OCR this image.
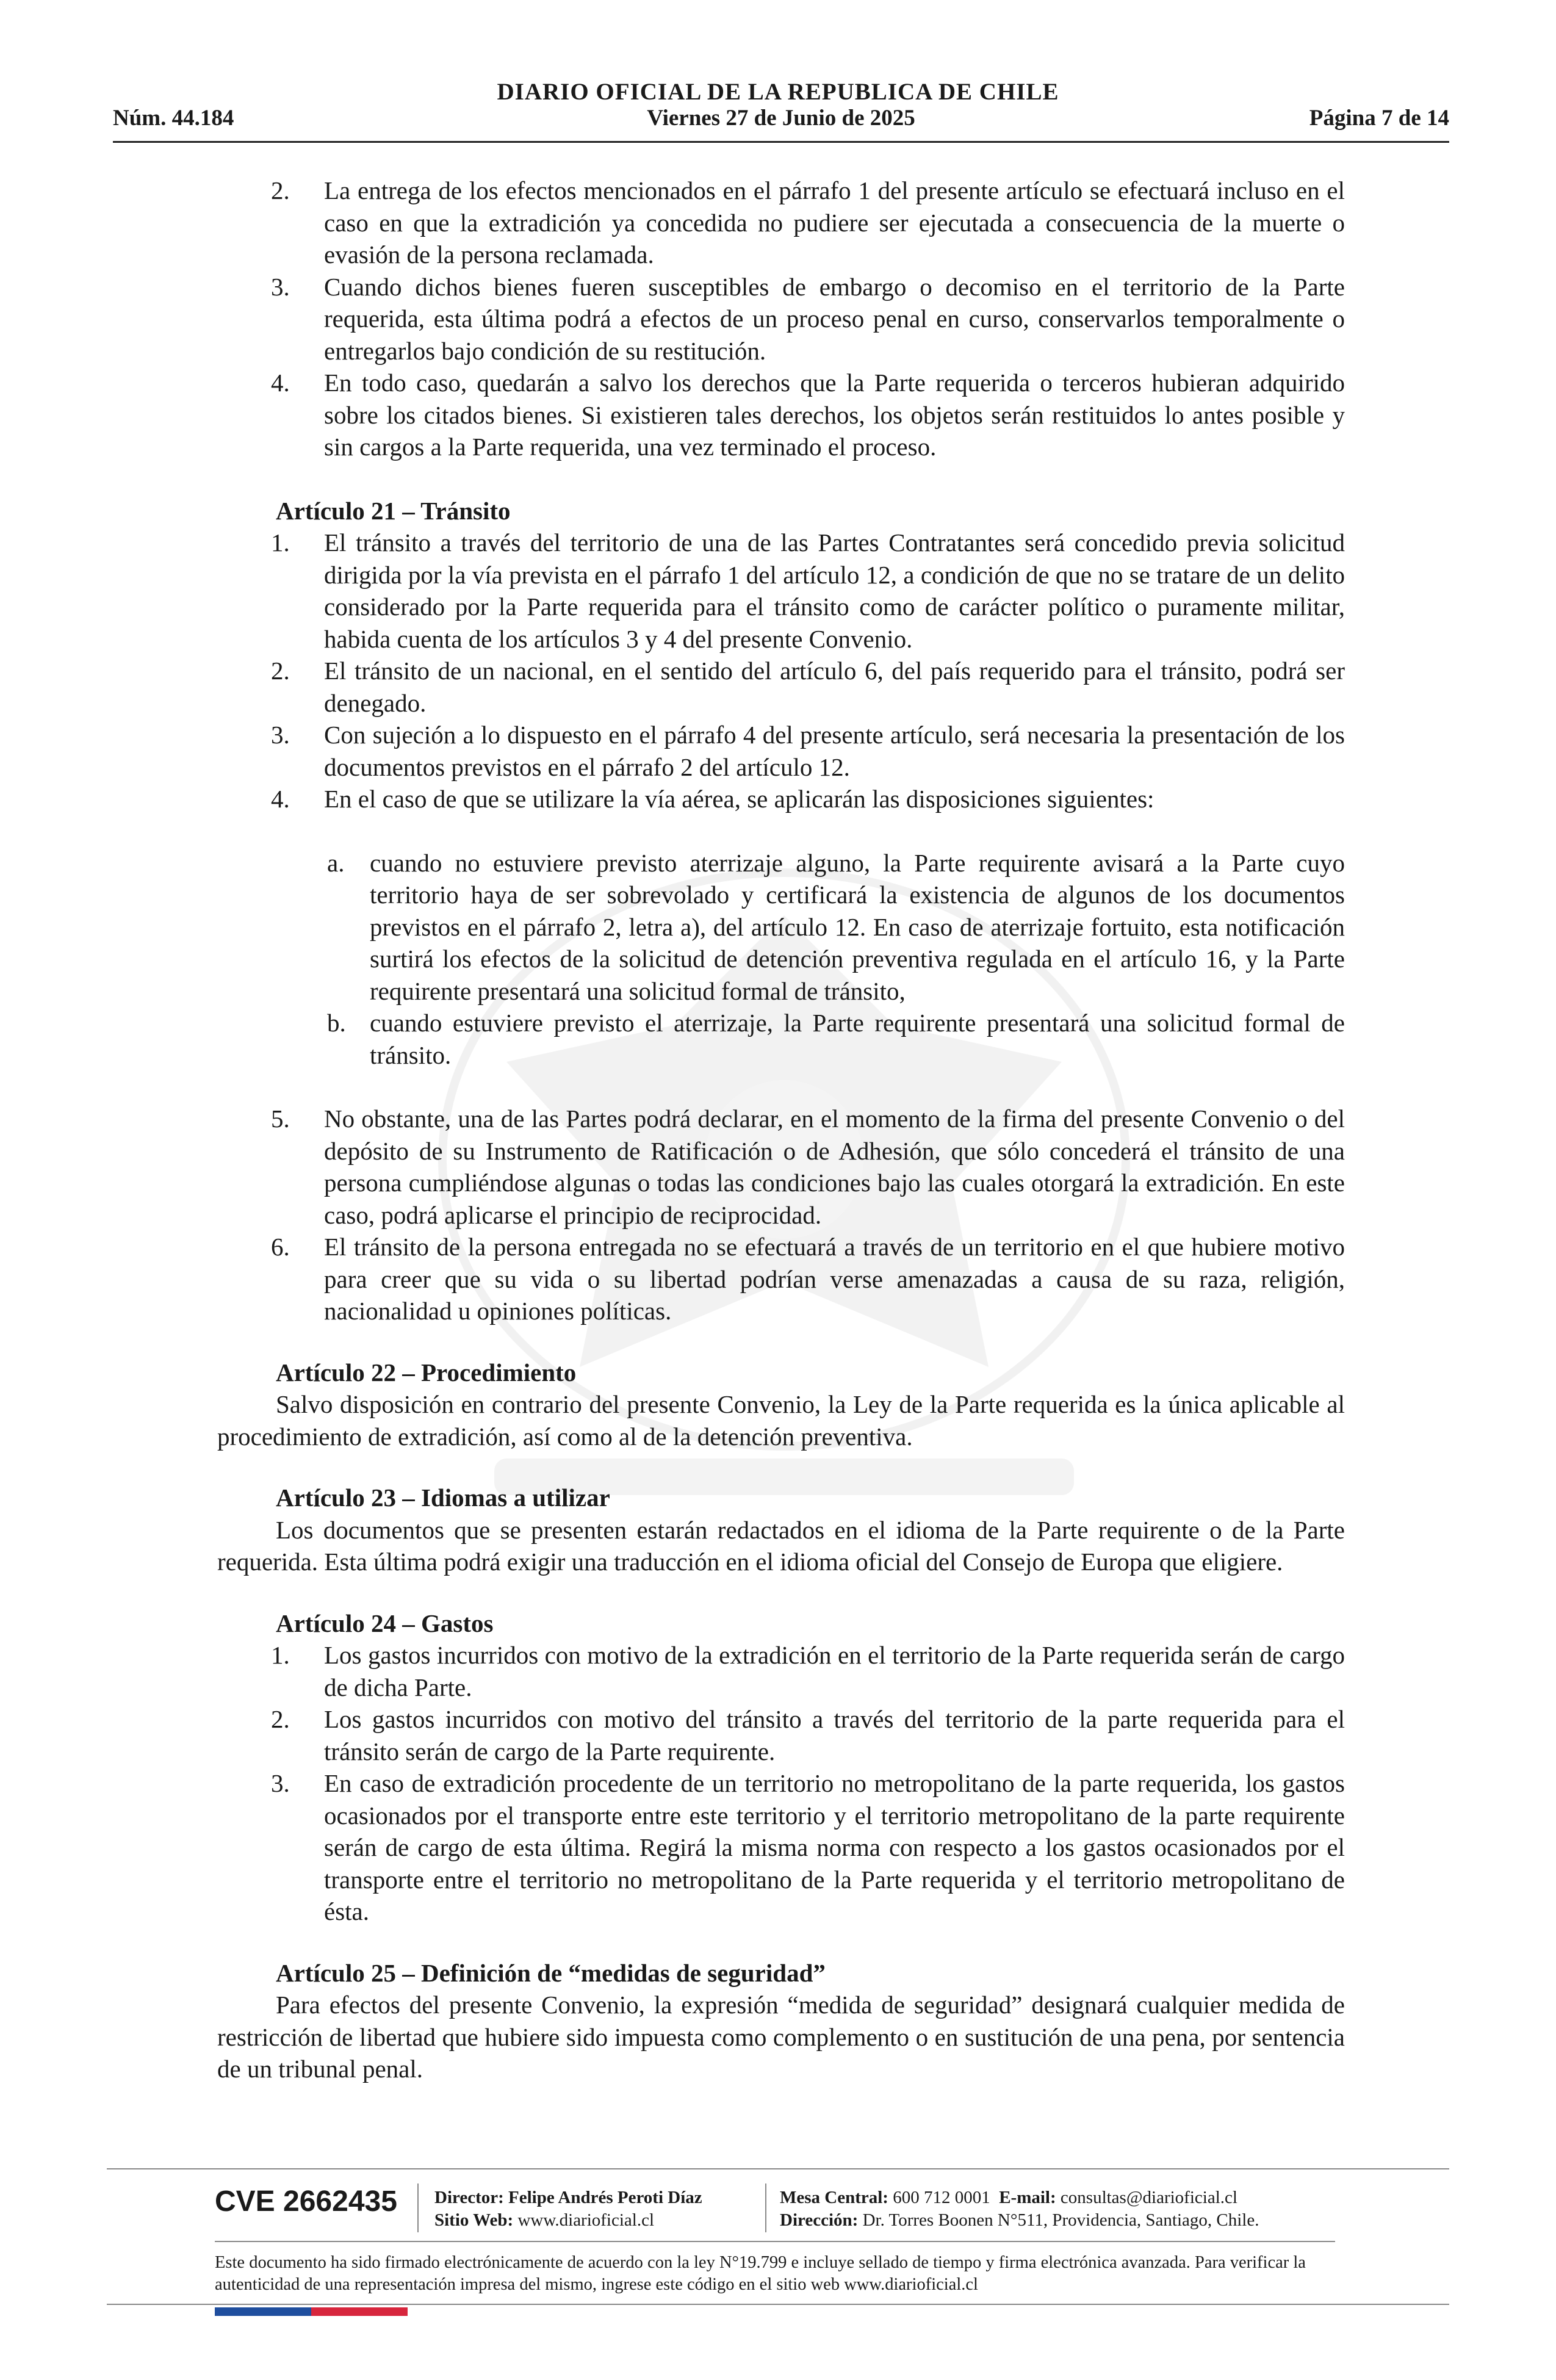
DIARIO OFICIAL DE LA REPUBLICA DE CHILE
Núm. 44.184	Viernes 27 de Junio de 2025	Página 7 de 14
2. La entrega de los efectos mencionados en el párrafo 1 del presente artículo se efectuará incluso en el caso en que la extradición ya concedida no pudiere ser ejecutada a consecuencia de la muerte o evasión de la persona reclamada.
3. Cuando dichos bienes fueren susceptibles de embargo o decomiso en el territorio de la Parte requerida, esta última podrá a efectos de un proceso penal en curso, conservarlos temporalmente o entregarlos bajo condición de su restitución.
4. En todo caso, quedarán a salvo los derechos que la Parte requerida o terceros hubieran adquirido sobre los citados bienes. Si existieren tales derechos, los objetos serán restituidos lo antes posible y sin cargos a la Parte requerida, una vez terminado el proceso.
Artículo 21 – Tránsito
1. El tránsito a través del territorio de una de las Partes Contratantes será concedido previa solicitud dirigida por la vía prevista en el párrafo 1 del artículo 12, a condición de que no se tratare de un delito considerado por la Parte requerida para el tránsito como de carácter político o puramente militar, habida cuenta de los artículos 3 y 4 del presente Convenio.
2. El tránsito de un nacional, en el sentido del artículo 6, del país requerido para el tránsito, podrá ser denegado.
3. Con sujeción a lo dispuesto en el párrafo 4 del presente artículo, será necesaria la presentación de los documentos previstos en el párrafo 2 del artículo 12.
4. En el caso de que se utilizare la vía aérea, se aplicarán las disposiciones siguientes:
a. cuando no estuviere previsto aterrizaje alguno, la Parte requirente avisará a la Parte cuyo territorio haya de ser sobrevolado y certificará la existencia de algunos de los documentos previstos en el párrafo 2, letra a), del artículo 12. En caso de aterrizaje fortuito, esta notificación surtirá los efectos de la solicitud de detención preventiva regulada en el artículo 16, y la Parte requirente presentará una solicitud formal de tránsito,
b. cuando estuviere previsto el aterrizaje, la Parte requirente presentará una solicitud formal de tránsito.
5. No obstante, una de las Partes podrá declarar, en el momento de la firma del presente Convenio o del depósito de su Instrumento de Ratificación o de Adhesión, que sólo concederá el tránsito de una persona cumpliéndose algunas o todas las condiciones bajo las cuales otorgará la extradición. En este caso, podrá aplicarse el principio de reciprocidad.
6. El tránsito de la persona entregada no se efectuará a través de un territorio en el que hubiere motivo para creer que su vida o su libertad podrían verse amenazadas a causa de su raza, religión, nacionalidad u opiniones políticas.
Artículo 22 – Procedimiento
Salvo disposición en contrario del presente Convenio, la Ley de la Parte requerida es la única aplicable al procedimiento de extradición, así como al de la detención preventiva.
Artículo 23 – Idiomas a utilizar
Los documentos que se presenten estarán redactados en el idioma de la Parte requirente o de la Parte requerida. Esta última podrá exigir una traducción en el idioma oficial del Consejo de Europa que eligiere.
Artículo 24 – Gastos
1. Los gastos incurridos con motivo de la extradición en el territorio de la Parte requerida serán de cargo de dicha Parte.
2. Los gastos incurridos con motivo del tránsito a través del territorio de la parte requerida para el tránsito serán de cargo de la Parte requirente.
3. En caso de extradición procedente de un territorio no metropolitano de la parte requerida, los gastos ocasionados por el transporte entre este territorio y el territorio metropolitano de la parte requirente serán de cargo de esta última. Regirá la misma norma con respecto a los gastos ocasionados por el transporte entre el territorio no metropolitano de la Parte requerida y el territorio metropolitano de ésta.
Artículo 25 – Definición de “medidas de seguridad”
Para efectos del presente Convenio, la expresión “medida de seguridad” designará cualquier medida de restricción de libertad que hubiere sido impuesta como complemento o en sustitución de una pena, por sentencia de un tribunal penal.
CVE 2662435 Director: Felipe Andrés Peroti Díaz
Sitio Web: www.diarioficial.cl
Mesa Central: 600 712 0001 E-mail: consultas@diarioficial.cl
Dirección: Dr. Torres Boonen N°511, Providencia, Santiago, Chile.
Este documento ha sido firmado electrónicamente de acuerdo con la ley N°19.799 e incluye sellado de tiempo y firma electrónica avanzada. Para verificar la autenticidad de una representación impresa del mismo, ingrese este código en el sitio web www.diarioficial.cl
